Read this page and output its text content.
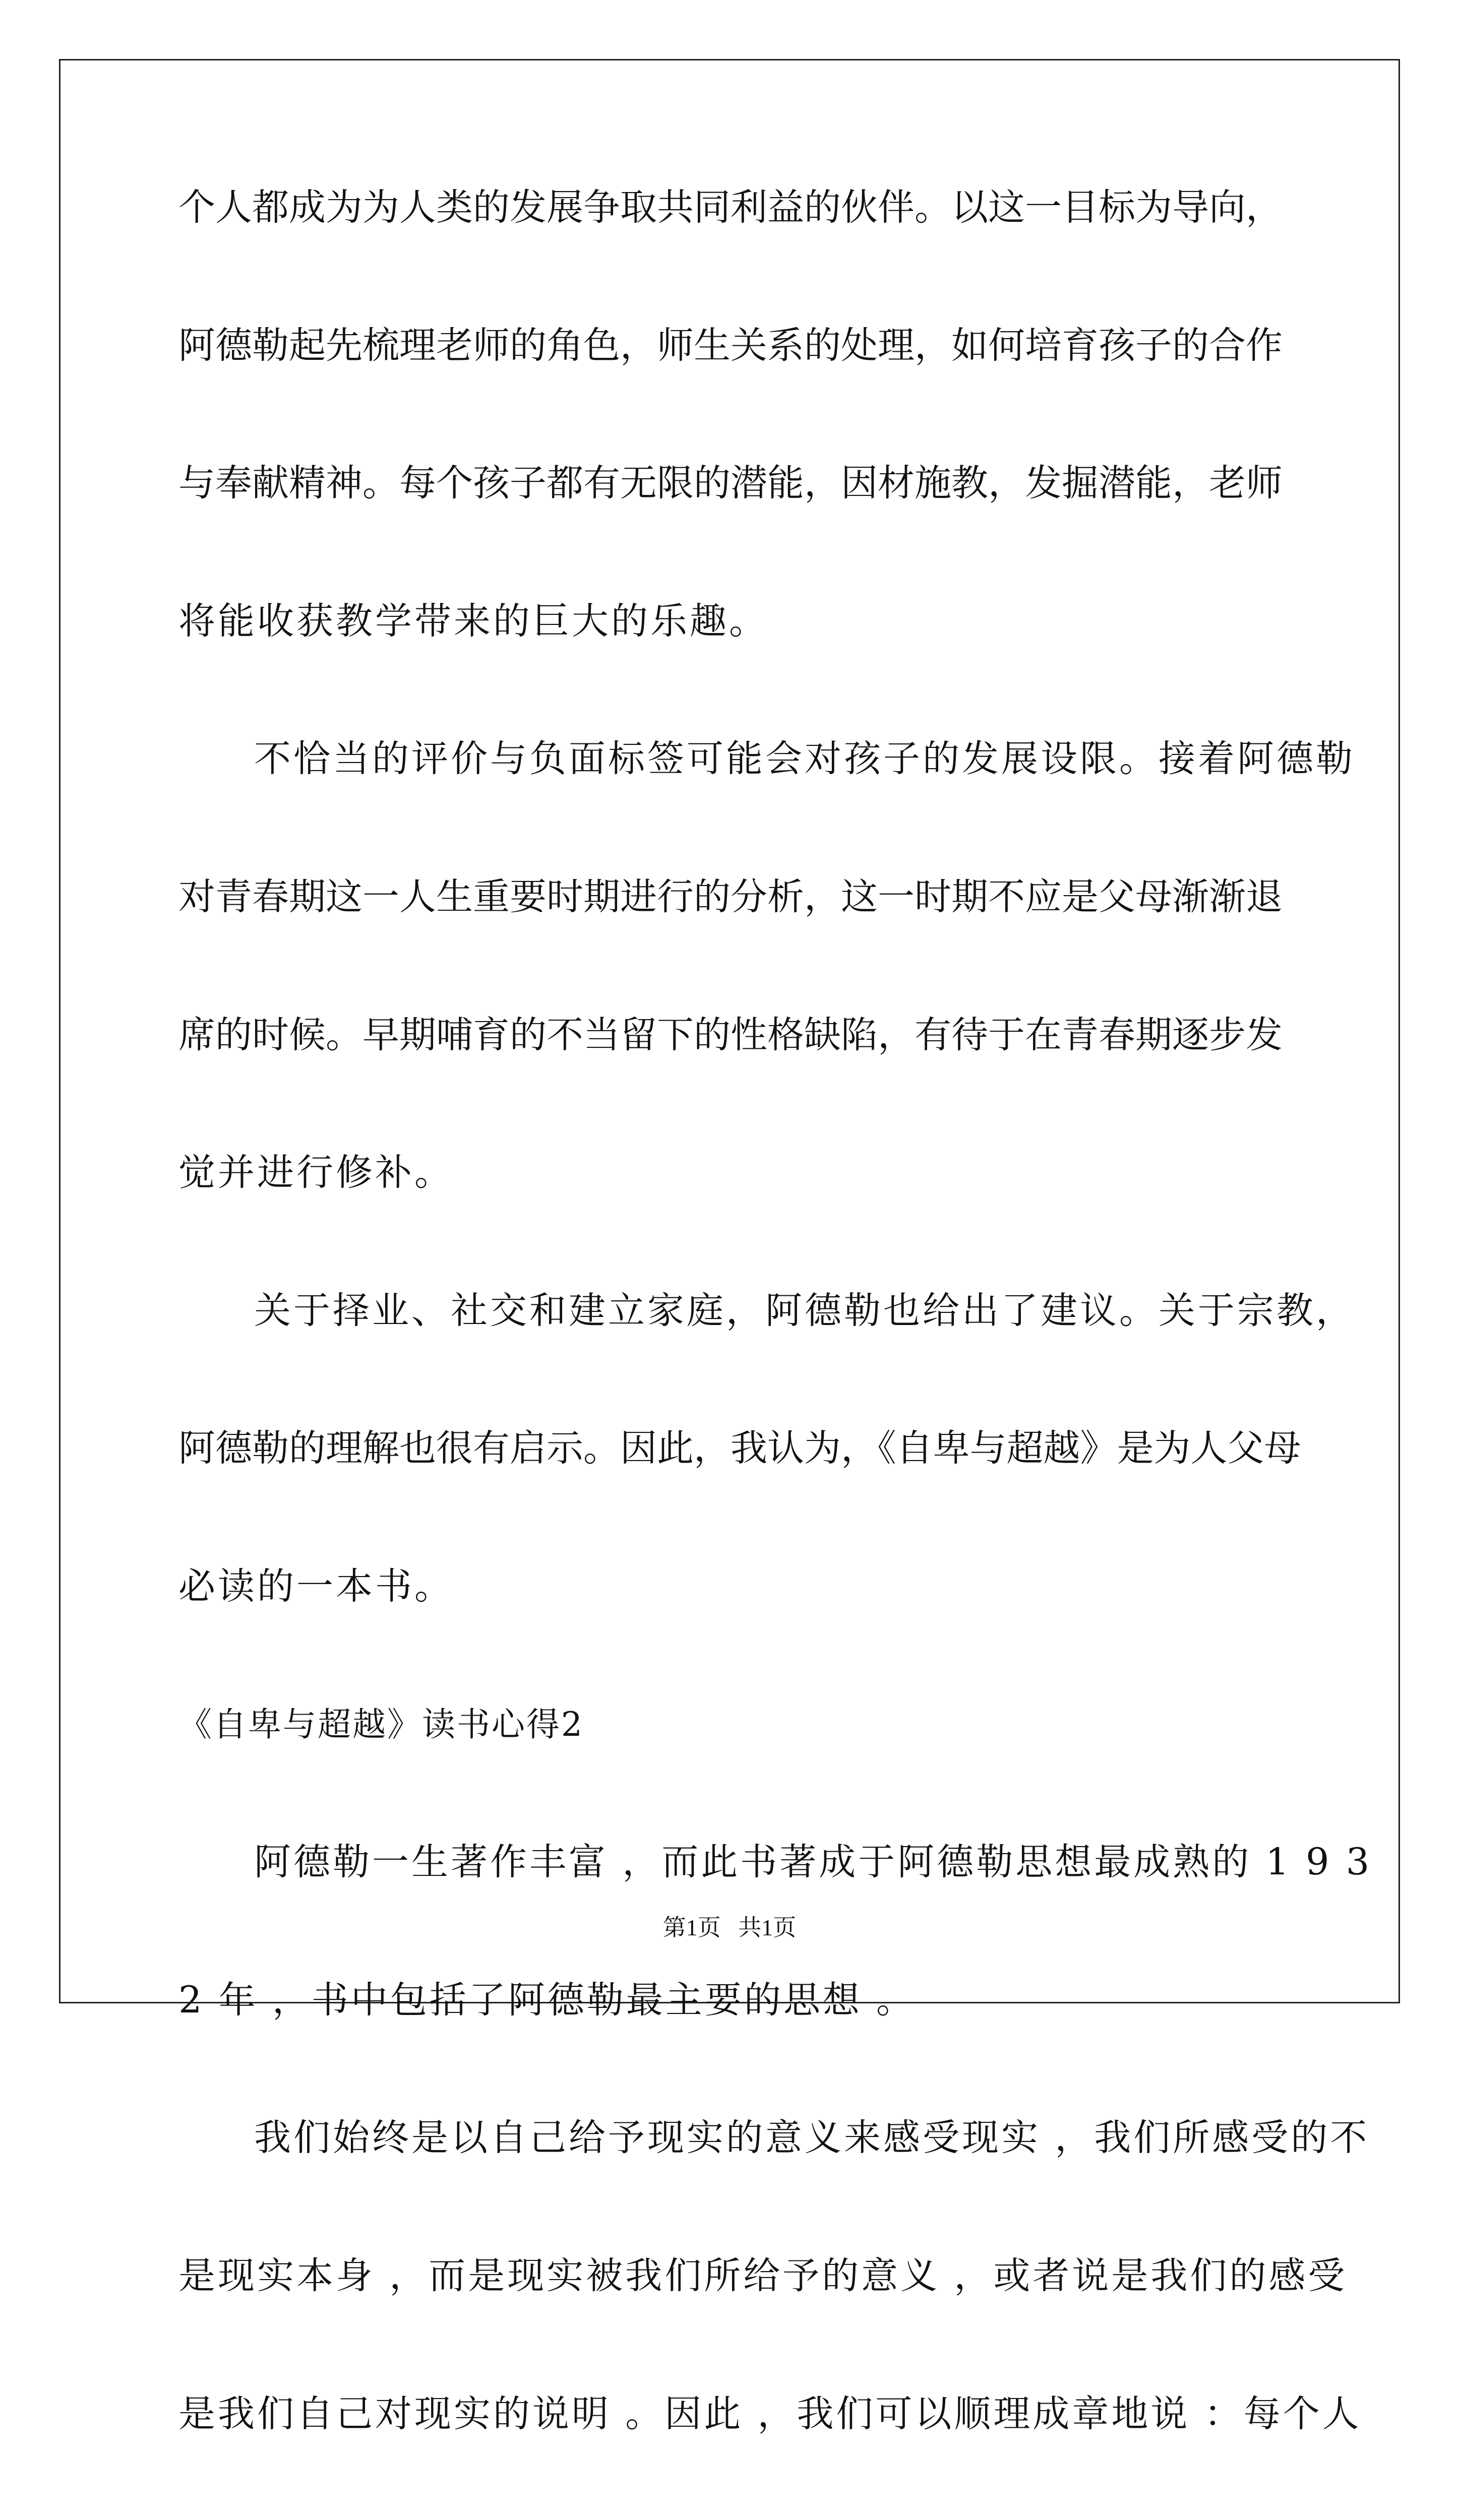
个人都成为为人类的发展争取共同利益的伙伴。以这一目标为导向，
阿德勒起先梳理老师的角色，师生关系的处理，如何培育孩子的合作
与奉献精神。每个孩子都有无限的潜能，因材施教，发掘潜能，老师
将能收获教学带来的巨大的乐趣。
不恰当的评价与负面标签可能会对孩子的发展设限。接着阿德勒
对青春期这一人生重要时期进行的分析，这一时期不应是父母渐渐退
席的时候。早期哺育的不当留下的性格缺陷，有待于在青春期逐步发
觉并进行修补。
关于择业、社交和建立家庭，阿德勒也给出了建议。关于宗教，
阿德勒的理解也很有启示。因此，我认为，《自卑与超越》是为人父母
必读的一本书。
《自卑与超越》读书心得2
阿德勒一生著作丰富 ，而此书著成于阿德勒思想最成熟的 1 9 3
2 年 ，书中包括了阿德勒最主要的思想 。
我们始终是以自己给予现实的意义来感受现实 ，我们所感受的不
是现实本身 ，而是现实被我们所给予的意义 ，或者说是我们的感受
是我们自己对现实的说明 。因此 ，我们可以顺理成章地说 ：每个人
第1页   共1页
